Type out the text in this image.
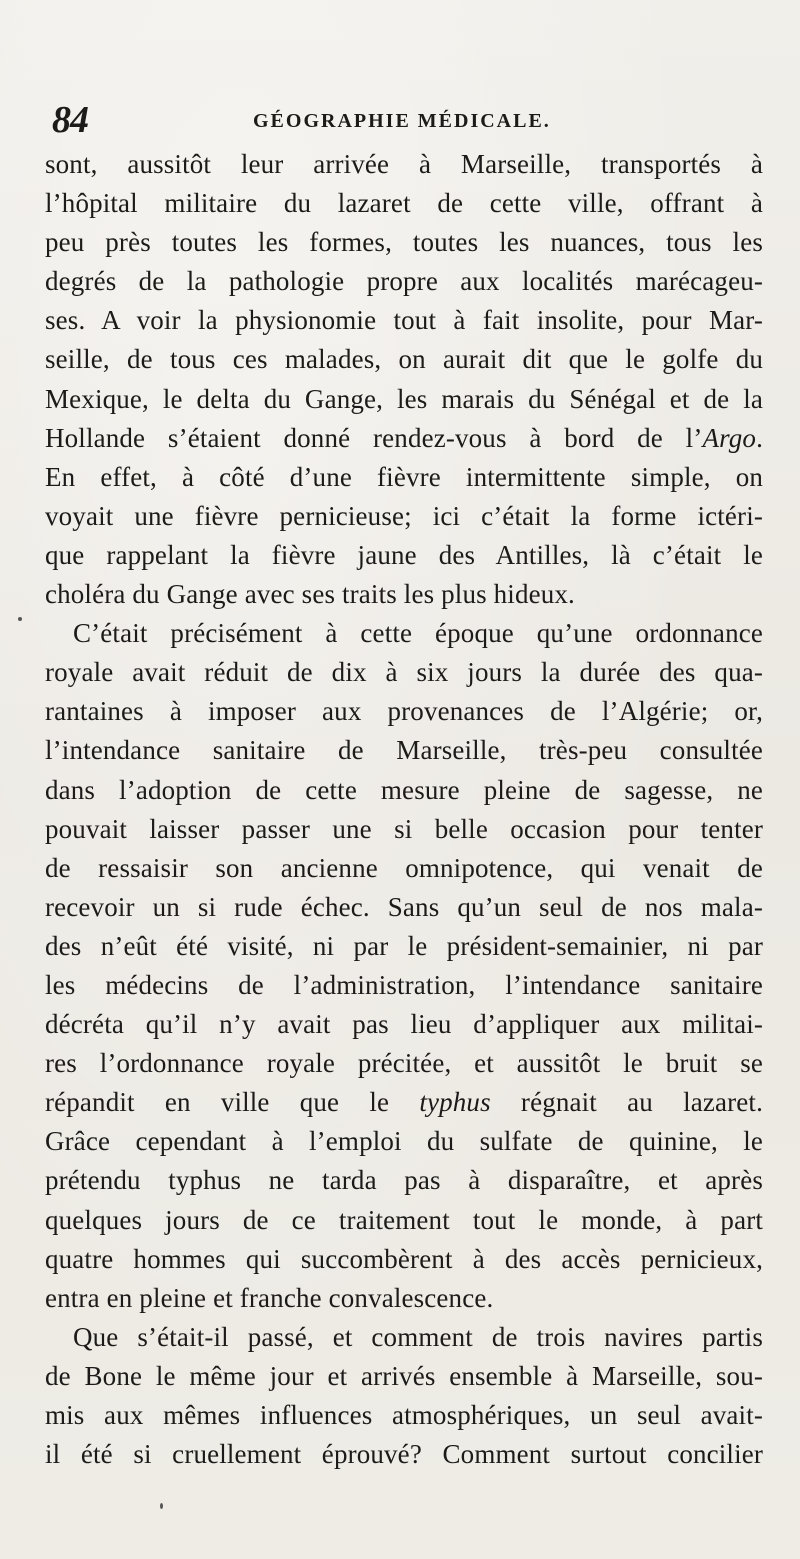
84	GÉOGRAPHIE MÉDICALE.
sont, aussitôt leur arrivée à Marseille, transportés à
l’hôpital militaire du lazaret de cette ville, offrant à
peu près toutes les formes, toutes les nuances, tous les
degrés de la pathologie propre aux localités marécageu-
ses. A voir la physionomie tout à fait insolite, pour Mar-
seille, de tous ces malades, on aurait dit que le golfe du
Mexique, le delta du Gange, les marais du Sénégal et de la
Hollande s’étaient donné rendez-vous à bord de l’Argo.
En effet, à côté d’une fièvre intermittente simple, on
voyait une fièvre pernicieuse; ici c’était la forme ictéri-
que rappelant la fièvre jaune des Antilles, là c’était le
choléra du Gange avec ses traits les plus hideux.
C’était précisément à cette époque qu’une ordonnance
royale avait réduit de dix à six jours la durée des qua-
rantaines à imposer aux provenances de l’Algérie; or,
l’intendance sanitaire de Marseille, très-peu consultée
dans l’adoption de cette mesure pleine de sagesse, ne
pouvait laisser passer une si belle occasion pour tenter
de ressaisir son ancienne omnipotence, qui venait de
recevoir un si rude échec. Sans qu’un seul de nos mala-
des n’eût été visité, ni par le président-semainier, ni par
les médecins de l’administration, l’intendance sanitaire
décréta qu’il n’y avait pas lieu d’appliquer aux militai-
res l’ordonnance royale précitée, et aussitôt le bruit se
répandit en ville que le typhus régnait au lazaret.
Grâce cependant à l’emploi du sulfate de quinine, le
prétendu typhus ne tarda pas à disparaître, et après
quelques jours de ce traitement tout le monde, à part
quatre hommes qui succombèrent à des accès pernicieux,
entra en pleine et franche convalescence.
Que s’était-il passé, et comment de trois navires partis
de Bone le même jour et arrivés ensemble à Marseille, sou-
mis aux mêmes influences atmosphériques, un seul avait-
il été si cruellement éprouvé? Comment surtout concilier
